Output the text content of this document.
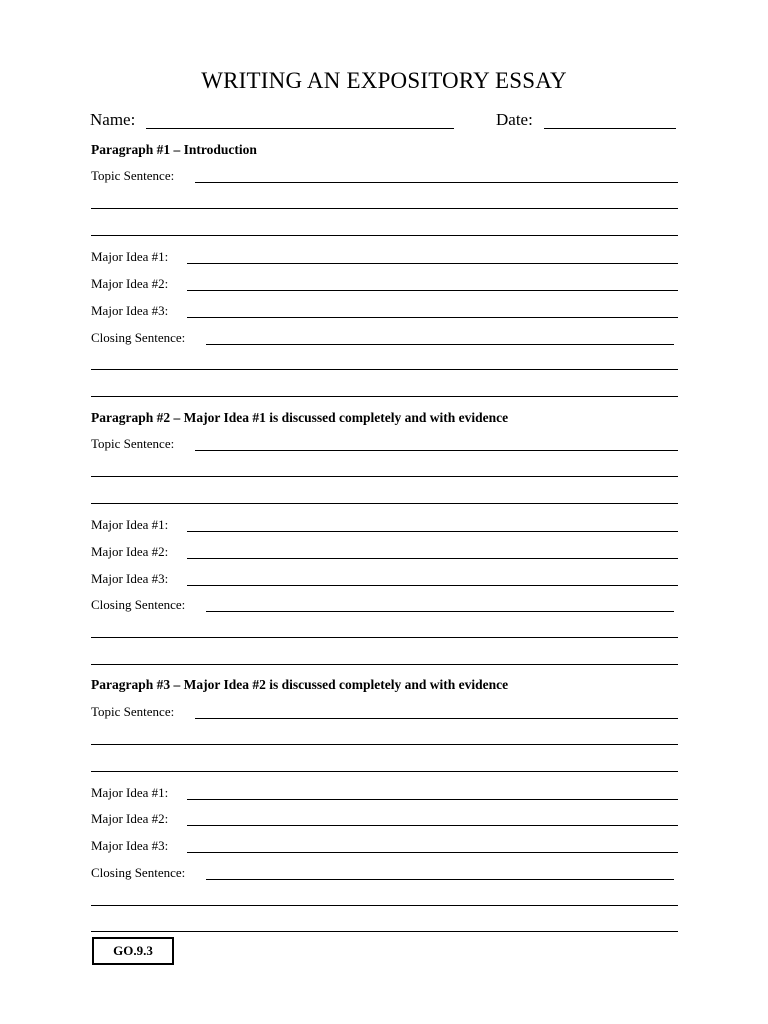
WRITING AN EXPOSITORY ESSAY
Name:	Date:
Paragraph #1 – Introduction
Topic Sentence:
Major Idea #1:
Major Idea #2:
Major Idea #3:
Closing Sentence:
Paragraph #2 – Major Idea #1 is discussed completely and with evidence
Topic Sentence:
Major Idea #1:
Major Idea #2:
Major Idea #3:
Closing Sentence:
Paragraph #3 – Major Idea #2 is discussed completely and with evidence
Topic Sentence:
Major Idea #1:
Major Idea #2:
Major Idea #3:
Closing Sentence:
GO.9.3
